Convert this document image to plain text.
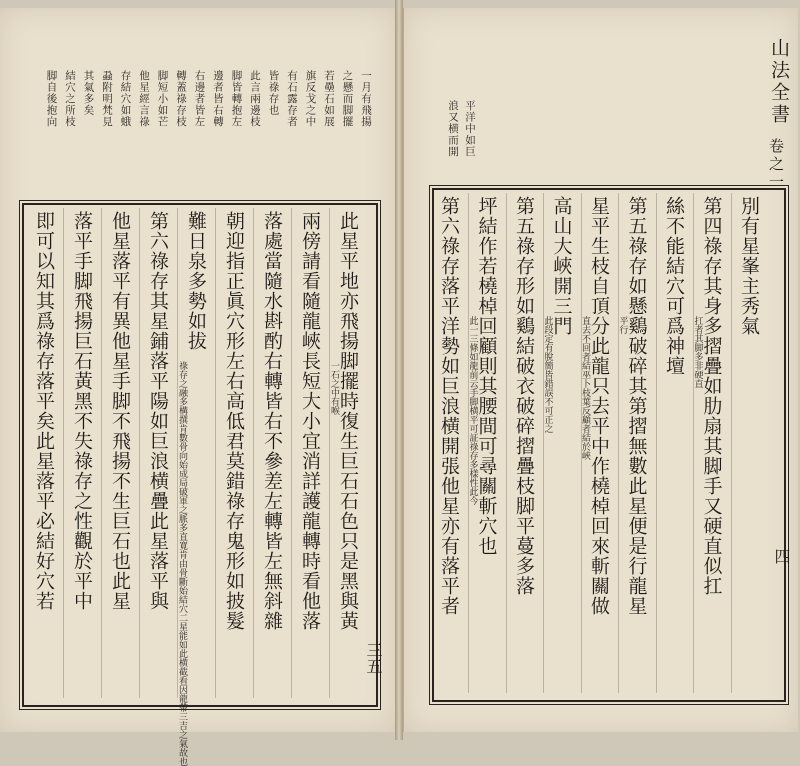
一月有飛揚
之懸而脚擺
若壘石如展
旗反戈之中
有石露存者
皆祿存也
此言兩邊枝
脚皆轉抱左
邊者皆右轉
右邊者皆左
轉蓋祿存枝
脚短小如芒
他星經言祿
存結穴如蛾
蝨附明梵見
其氣多矣
結穴之所枝
脚自後抱向
此星平地亦飛揚脚擺時復生巨石石色只是黑與黃
一石之中有喉
兩傍請看隨龍峽長短大小宜消詳護龍轉時看他落
落處當隨水斟酌右轉皆右不參差左轉皆左無斜雜
朝迎指正眞穴形左右高低君莫錯祿存鬼形如披髮
難日泉多勢如拔
祿存之融多構撰肯數骨向始成局破軍之脈多直寬肯由骨斷始結穴二星能如此横截看因龍帶三吉之氣故也
第六祿存其星鋪落平陽如巨浪横疊此星落平與
他星落平有異他星手脚不飛揚不生巨石也此星
落平手脚飛揚巨石黃黑不失祿存之性觀於平中
即可以知其爲祿存落平矣此星落平必結好穴若
三五
平洋中如巨
浪又横而開
別有星峯主秀氣
第四祿存其身多摺疊如肋扇其脚手又硬直似扛
扛者其脚多非硬直
絲不能結穴可爲神壇
第五祿存如懸鷄破碎其第摺無數此星便是行龍星
平行
星平生枝自頂分此龍只去平中作橈棹回來斬關做
直去不回者結巫卜枝葉反顧者結於峽
高山大峽開三門
此段定有脫簡皆錯誤不可正之
第五祿存形如鷄結破衣破碎摺疊枝脚平蔓多落
坪結作若橈棹回顧則其腰間可尋關斬穴也
此一三條如龍前云手脚横平可証祿存多樣性此今
第六祿存落平洋勢如巨浪横開張他星亦有落平者
山法全書
卷之一
四
